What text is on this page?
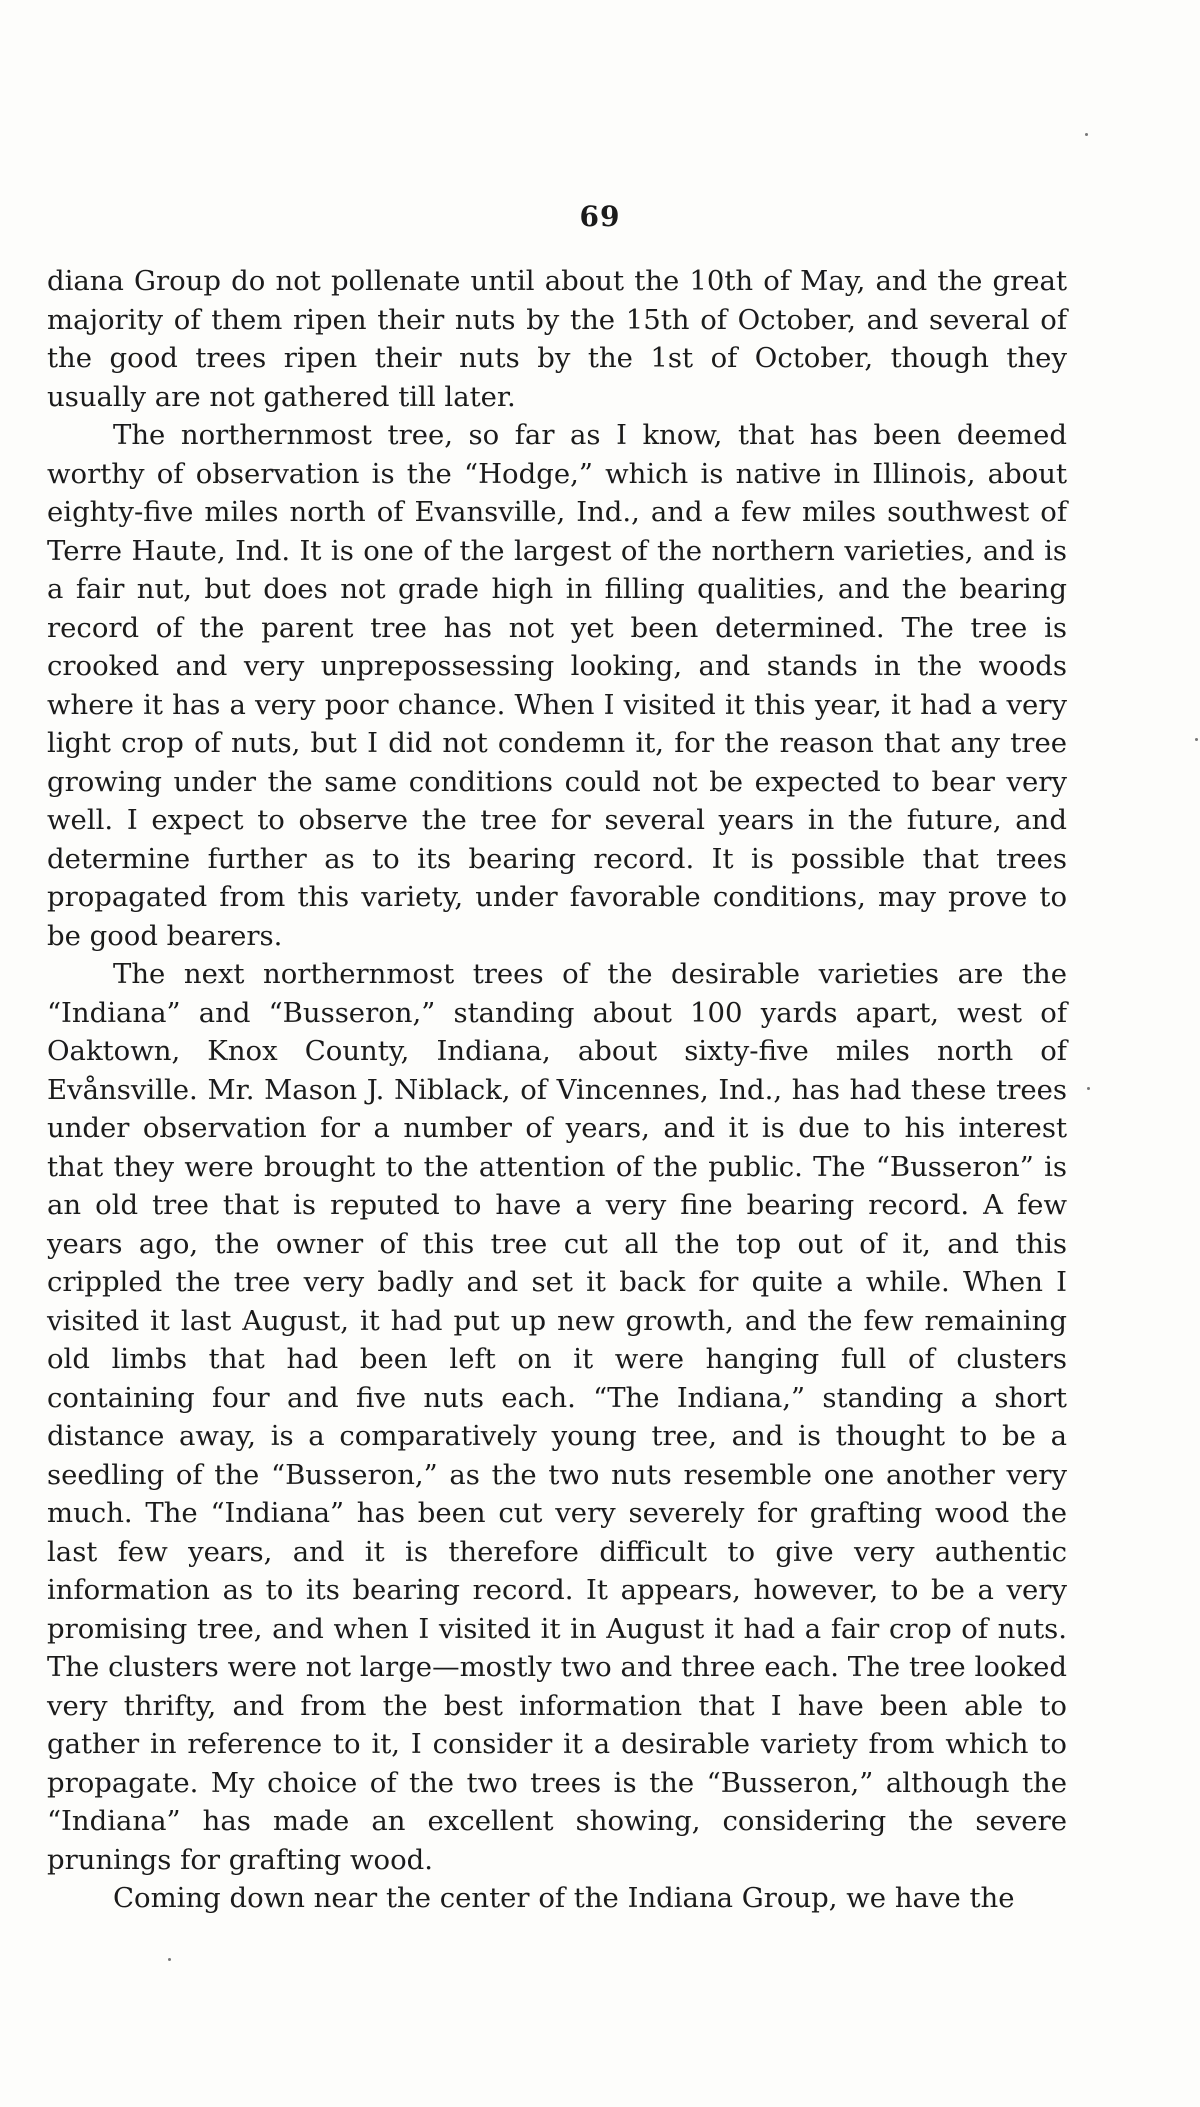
69

diana Group do not pollenate until about the 10th of May, and the great majority of them ripen their nuts by the 15th of October, and several of the good trees ripen their nuts by the 1st of October, though they usually are not gathered till later.

The northernmost tree, so far as I know, that has been deemed worthy of observation is the “Hodge,” which is native in Illinois, about eighty-five miles north of Evansville, Ind., and a few miles southwest of Terre Haute, Ind. It is one of the largest of the northern varieties, and is a fair nut, but does not grade high in filling qualities, and the bearing record of the parent tree has not yet been determined. The tree is crooked and very unprepossessing looking, and stands in the woods where it has a very poor chance. When I visited it this year, it had a very light crop of nuts, but I did not condemn it, for the reason that any tree growing under the same conditions could not be expected to bear very well. I expect to observe the tree for several years in the future, and determine further as to its bearing record. It is possible that trees propagated from this variety, under favorable conditions, may prove to be good bearers.

The next northernmost trees of the desirable varieties are the “Indiana” and “Busseron,” standing about 100 yards apart, west of Oaktown, Knox County, Indiana, about sixty-five miles north of Evånsville. Mr. Mason J. Niblack, of Vincennes, Ind., has had these trees under observation for a number of years, and it is due to his interest that they were brought to the attention of the public. The “Busseron” is an old tree that is reputed to have a very fine bearing record. A few years ago, the owner of this tree cut all the top out of it, and this crippled the tree very badly and set it back for quite a while. When I visited it last August, it had put up new growth, and the few remaining old limbs that had been left on it were hanging full of clusters containing four and five nuts each. “The Indiana,” standing a short distance away, is a comparatively young tree, and is thought to be a seedling of the “Busseron,” as the two nuts resemble one another very much. The “Indiana” has been cut very severely for grafting wood the last few years, and it is therefore difficult to give very authentic information as to its bearing record. It appears, however, to be a very promising tree, and when I visited it in August it had a fair crop of nuts. The clusters were not large—mostly two and three each. The tree looked very thrifty, and from the best information that I have been able to gather in reference to it, I consider it a desirable variety from which to propagate. My choice of the two trees is the “Busseron,” although the “Indiana” has made an excellent showing, considering the severe prunings for grafting wood.

Coming down near the center of the Indiana Group, we have the
